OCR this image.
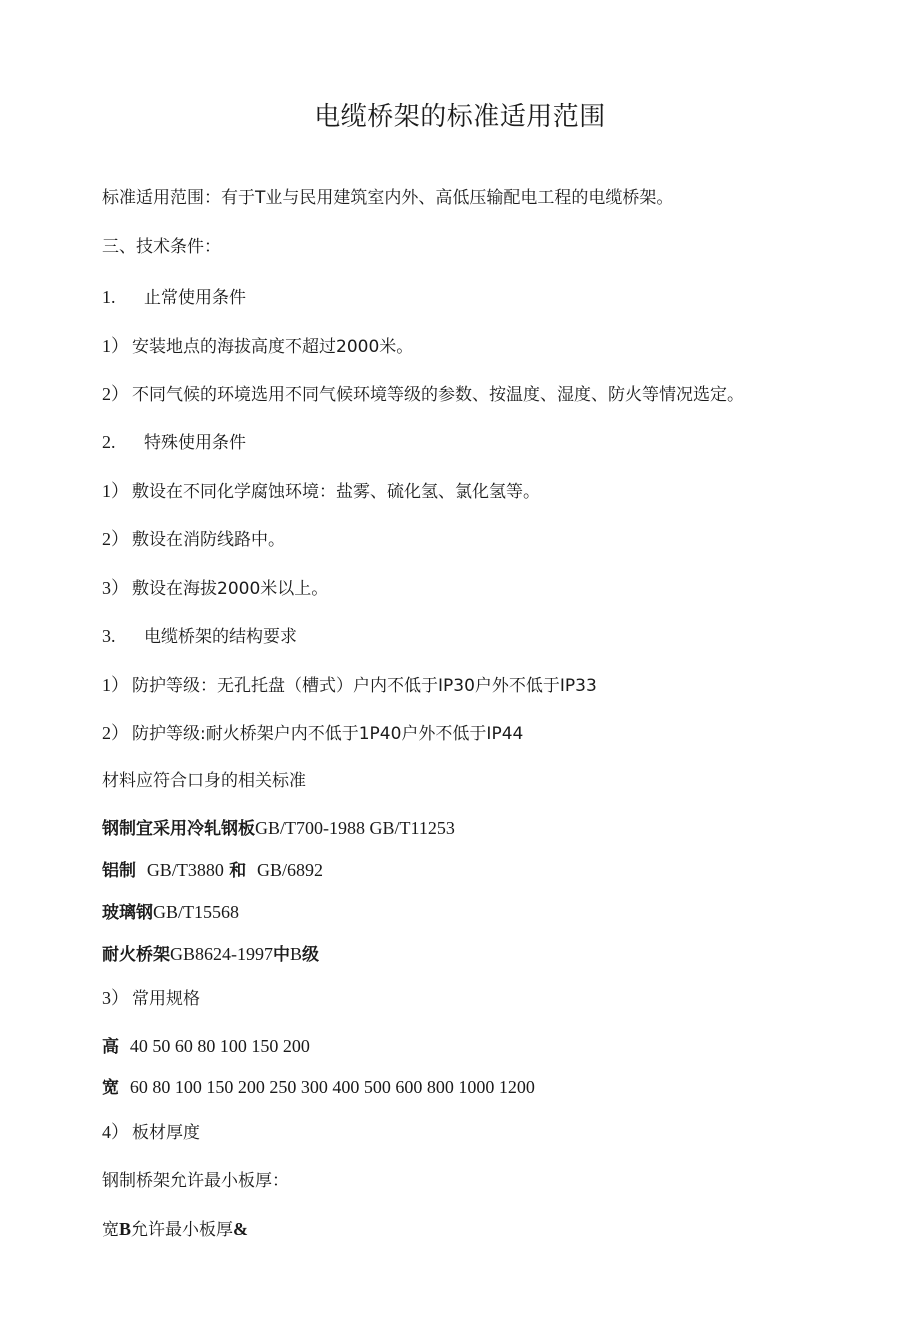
电缆桥架的标准适用范围
标准适用范围：有于T业与民用建筑室内外、高低压输配电工程的电缆桥架。
三、技术条件：
1. 止常使用条件
1） 安装地点的海拔高度不超过2000米。
2） 不同气候的环境选用不同气候环境等级的参数、按温度、湿度、防火等情况选定。
2. 特殊使用条件
1） 敷设在不同化学腐蚀环境：盐雾、硫化氢、氯化氢等。
2） 敷设在消防线路中。
3） 敷设在海拔2000米以上。
3. 电缆桥架的结构要求
1） 防护等级：无孔托盘（槽式）户内不低于IP30户外不低于IP33
2） 防护等级:耐火桥架户内不低于1P40户外不低于IP44
材料应符合口身的相关标准
钢制宜采用冷轧钢板GB/T700-1988 GB/T11253
铝制 GB/T3880 和 GB/6892
玻璃钢GB/T15568
耐火桥架GB8624-1997中B级
3） 常用规格
高 40 50 60 80 100 150 200
宽 60 80 100 150 200 250 300 400 500 600 800 1000 1200
4） 板材厚度
钢制桥架允许最小板厚：
宽B允许最小板厚&
